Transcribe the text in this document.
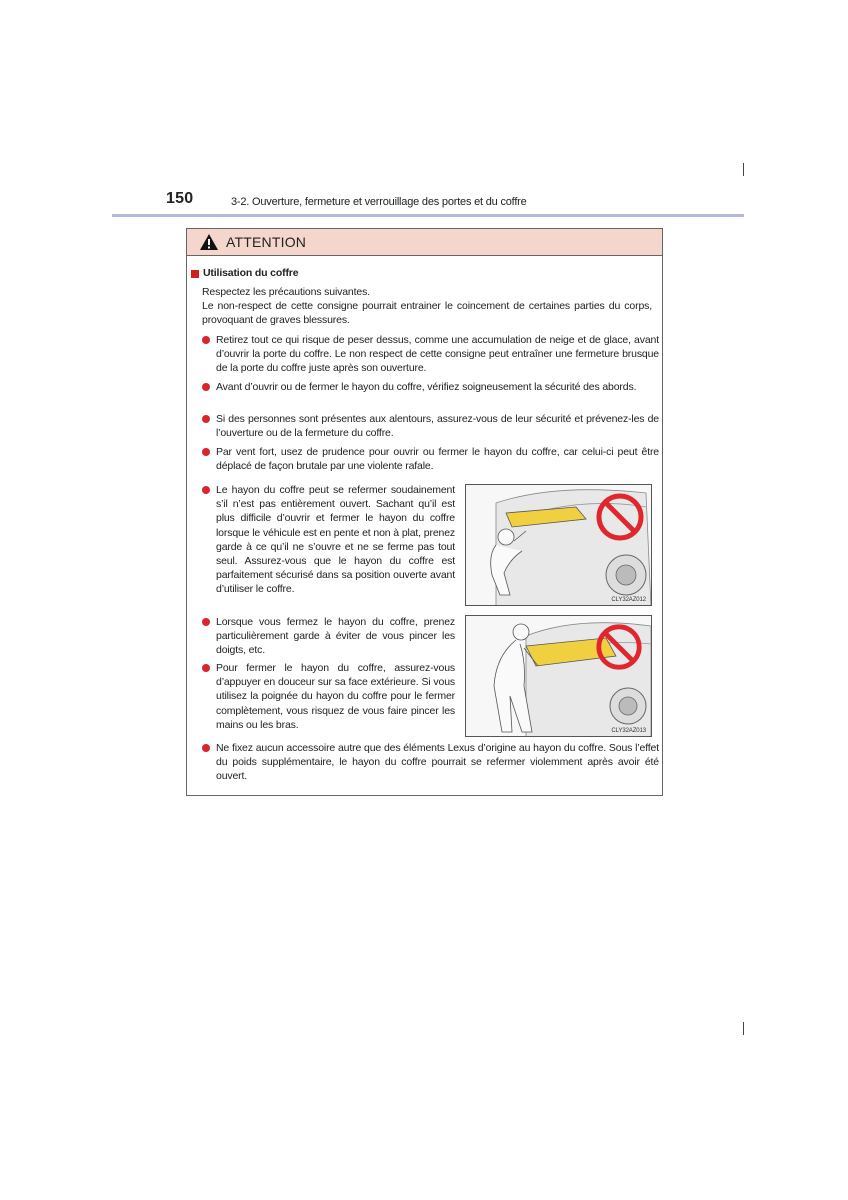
150	3-2. Ouverture, fermeture et verrouillage des portes et du coffre
ATTENTION
Utilisation du coffre
Respectez les précautions suivantes.
Le non-respect de cette consigne pourrait entrainer le coincement de certaines parties du corps, provoquant de graves blessures.
Retirez tout ce qui risque de peser dessus, comme une accumulation de neige et de glace, avant d’ouvrir la porte du coffre. Le non respect de cette consigne peut entraîner une fermeture brusque de la porte du coffre juste après son ouverture.
Avant d’ouvrir ou de fermer le hayon du coffre, vérifiez soigneusement la sécurité des abords.
Si des personnes sont présentes aux alentours, assurez-vous de leur sécurité et prévenez-les de l’ouverture ou de la fermeture du coffre.
Par vent fort, usez de prudence pour ouvrir ou fermer le hayon du coffre, car celui-ci peut être déplacé de façon brutale par une violente rafale.
Le hayon du coffre peut se refermer soudainement s’il n’est pas entièrement ouvert. Sachant qu’il est plus difficile d’ouvrir et fermer le hayon du coffre lorsque le véhicule est en pente et non à plat, prenez garde à ce qu’il ne s’ouvre et ne se ferme pas tout seul. Assurez-vous que le hayon du coffre est parfaitement sécurisé dans sa position ouverte avant d’utiliser le coffre.
CLY32AZ012
Lorsque vous fermez le hayon du coffre, prenez particulièrement garde à éviter de vous pincer les doigts, etc.
Pour fermer le hayon du coffre, assurez-vous d’appuyer en douceur sur sa face extérieure. Si vous utilisez la poignée du hayon du coffre pour le fermer complètement, vous risquez de vous faire pincer les mains ou les bras.
CLY32AZ013
Ne fixez aucun accessoire autre que des éléments Lexus d’origine au hayon du coffre. Sous l’effet du poids supplémentaire, le hayon du coffre pourrait se refermer violemment après avoir été ouvert.
